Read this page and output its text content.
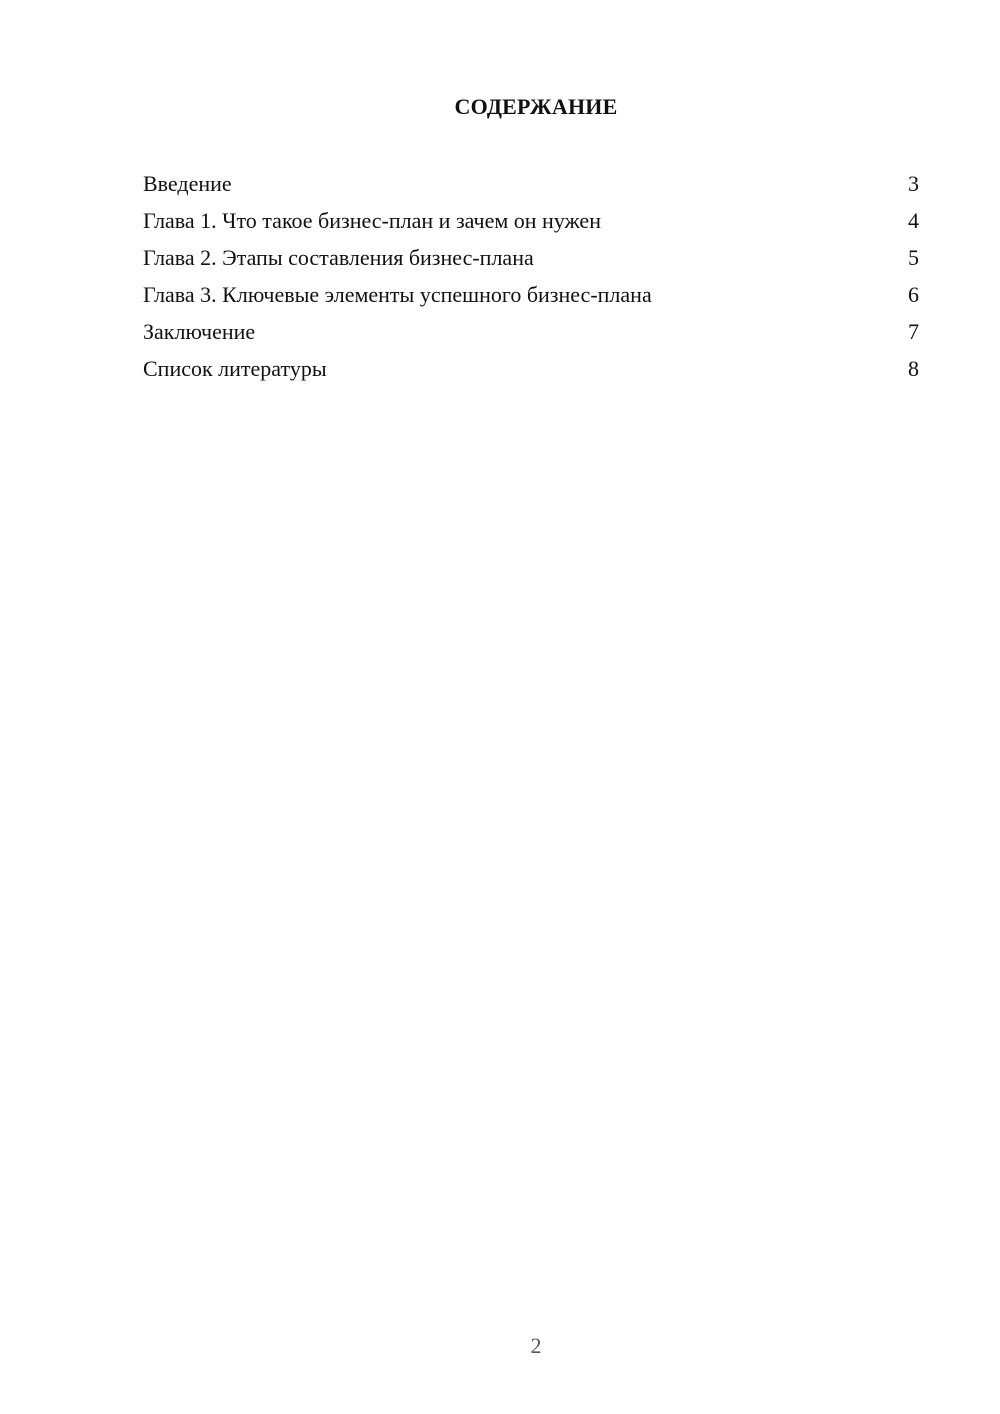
СОДЕРЖАНИЕ
Введение	3
Глава 1. Что такое бизнес-план и зачем он нужен	4
Глава 2. Этапы составления бизнес-плана	5
Глава 3. Ключевые элементы успешного бизнес-плана	6
Заключение	7
Список литературы	8
2
